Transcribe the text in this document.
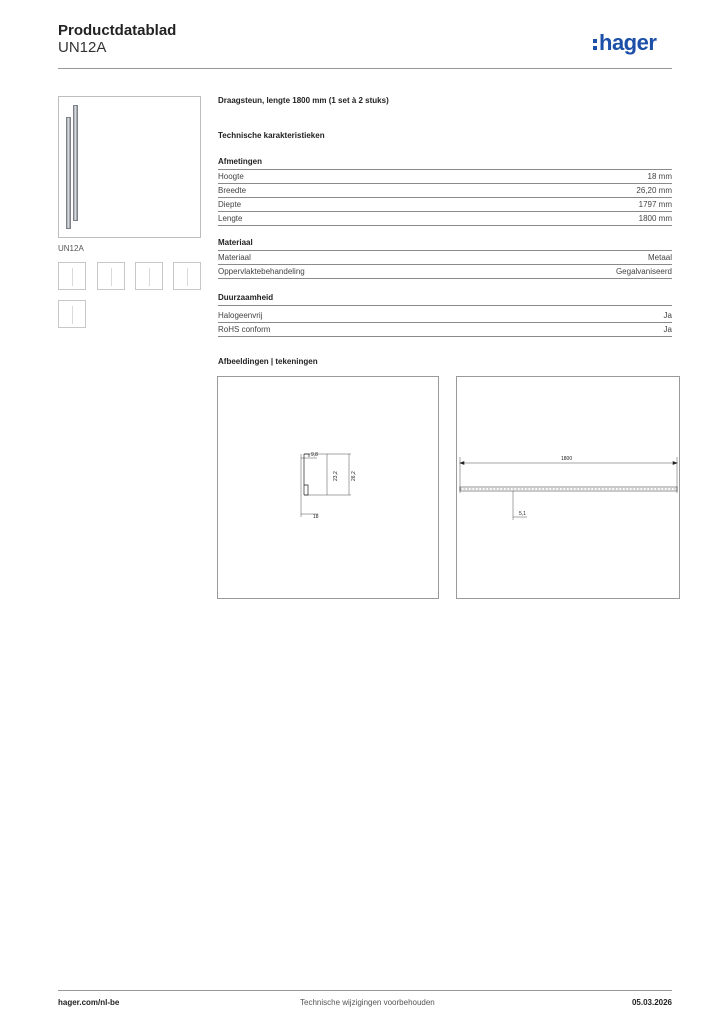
Productdatablad
UN12A	hager
UN12A
Draagsteun, lengte 1800 mm (1 set à 2 stuks)
Technische karakteristieken
Afmetingen
Hoogte	18 mm
Breedte	26,20 mm
Diepte	1797 mm
Lengte	1800 mm
Materiaal
Materiaal	Metaal
Oppervlaktebehandeling	Gegalvaniseerd
Duurzaamheid
Halogeenvrij	Ja
RoHS conform	Ja
Afbeeldingen | tekeningen
9,8
23,2 26,2
18
1800
5,1
hager.com/nl-be	Technische wijzigingen voorbehouden	05.03.2026
